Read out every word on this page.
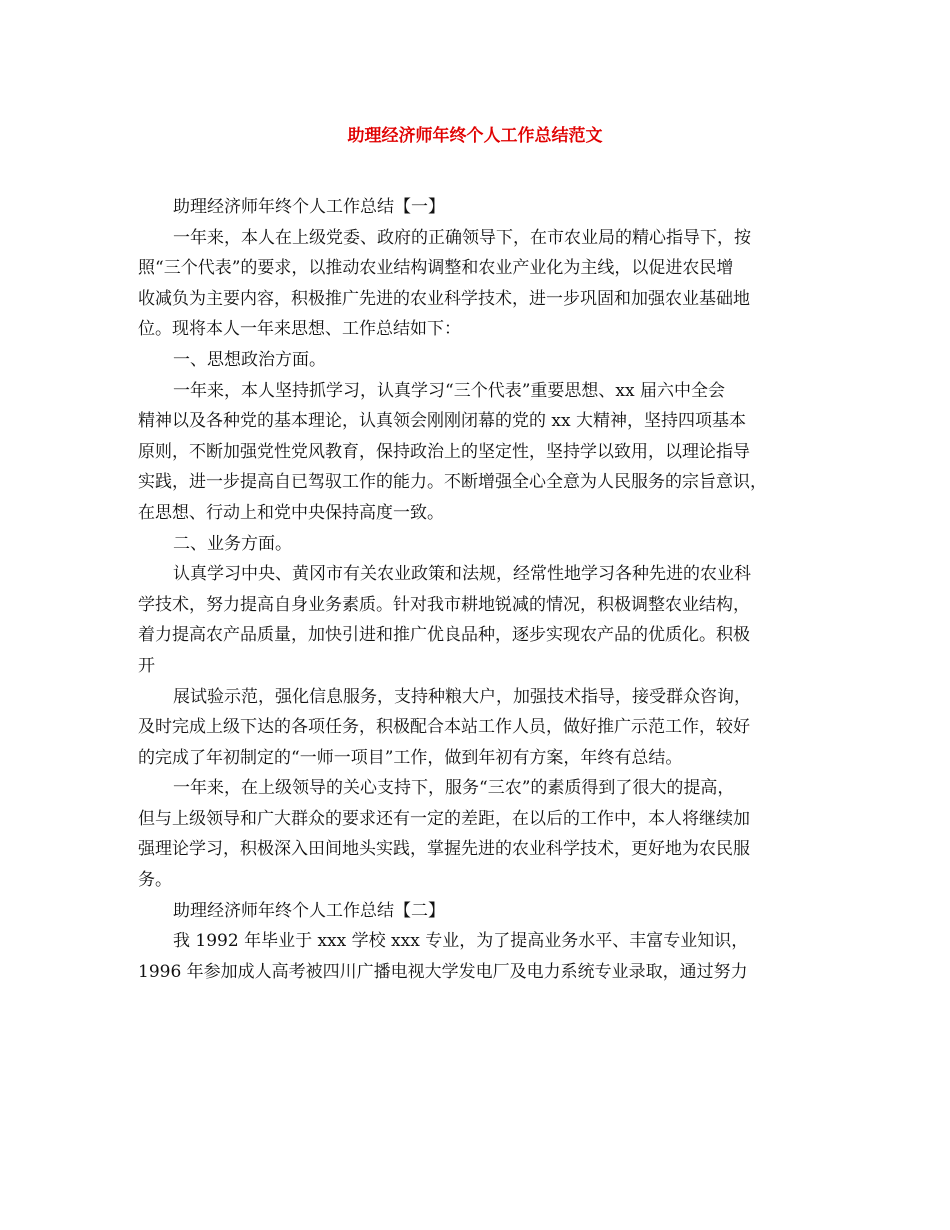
助理经济师年终个人工作总结范文

助理经济师年终个人工作总结【一】

一年来，本人在上级党委、政府的正确领导下，在市农业局的精心指导下，按
照“三个代表”的要求，以推动农业结构调整和农业产业化为主线，以促进农民增
收减负为主要内容，积极推广先进的农业科学技术，进一步巩固和加强农业基础地
位。现将本人一年来思想、工作总结如下：

一、思想政治方面。

一年来，本人坚持抓学习，认真学习“三个代表”重要思想、xx 届六中全会
精神以及各种党的基本理论，认真领会刚刚闭幕的党的 xx 大精神，坚持四项基本
原则，不断加强党性党风教育，保持政治上的坚定性，坚持学以致用，以理论指导
实践，进一步提高自已驾驭工作的能力。不断增强全心全意为人民服务的宗旨意识，
在思想、行动上和党中央保持高度一致。

二、业务方面。

认真学习中央、黄冈市有关农业政策和法规，经常性地学习各种先进的农业科
学技术，努力提高自身业务素质。针对我市耕地锐减的情况，积极调整农业结构，
着力提高农产品质量，加快引进和推广优良品种，逐步实现农产品的优质化。积极
开

展试验示范，强化信息服务，支持种粮大户，加强技术指导，接受群众咨询，
及时完成上级下达的各项任务，积极配合本站工作人员，做好推广示范工作，较好
的完成了年初制定的“一师一项目”工作，做到年初有方案，年终有总结。

一年来，在上级领导的关心支持下，服务“三农”的素质得到了很大的提高，
但与上级领导和广大群众的要求还有一定的差距，在以后的工作中，本人将继续加
强理论学习，积极深入田间地头实践，掌握先进的农业科学技术，更好地为农民服
务。

助理经济师年终个人工作总结【二】

我 1992 年毕业于 xxx 学校 xxx 专业，为了提高业务水平、丰富专业知识，
1996 年参加成人高考被四川广播电视大学发电厂及电力系统专业录取，通过努力
